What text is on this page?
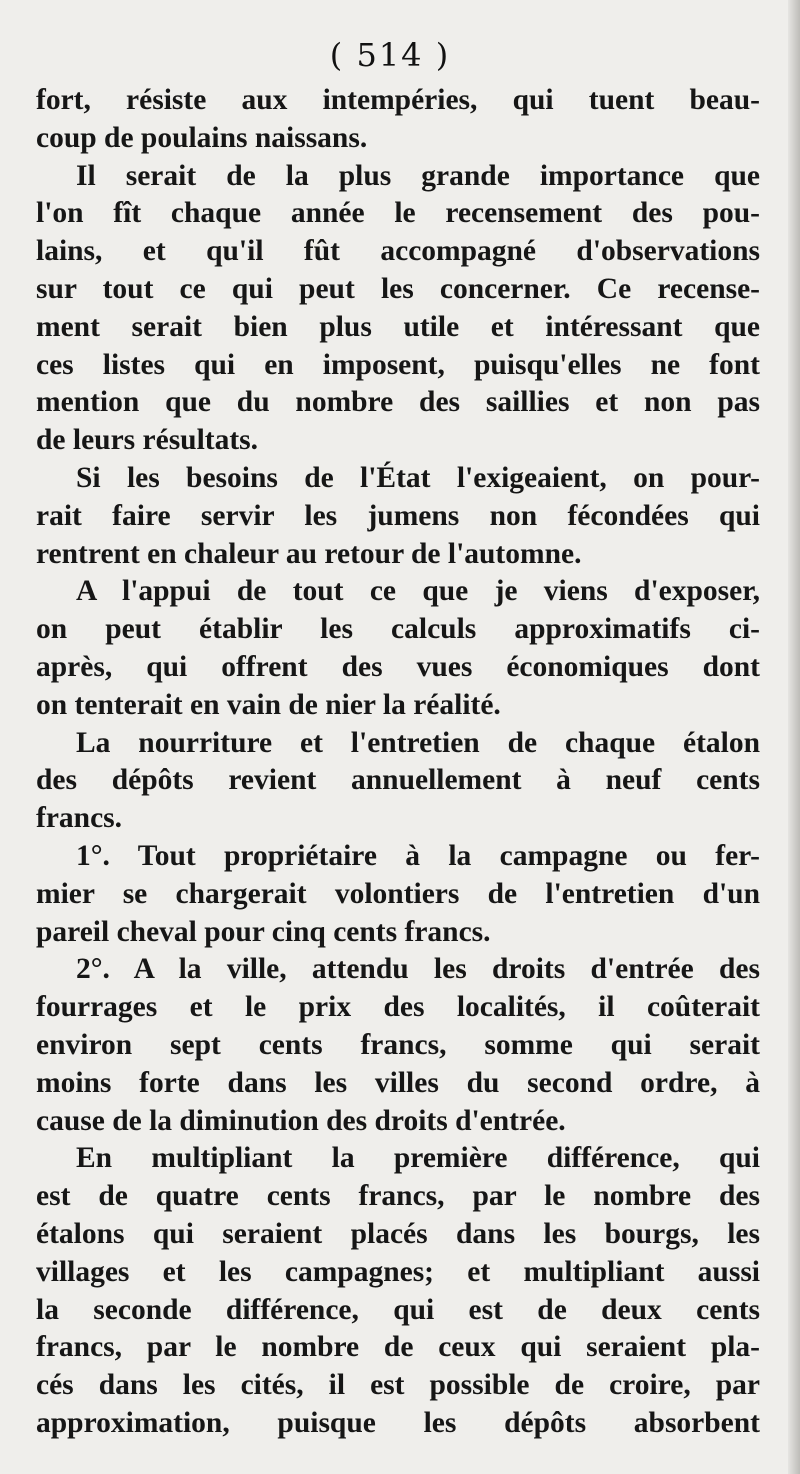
( 514 )
fort, résiste aux intempéries, qui tuent beau-
coup de poulains naissans.
Il serait de la plus grande importance que
l'on fît chaque année le recensement des pou-
lains, et qu'il fût accompagné d'observations
sur tout ce qui peut les concerner. Ce recense-
ment serait bien plus utile et intéressant que
ces listes qui en imposent, puisqu'elles ne font
mention que du nombre des saillies et non pas
de leurs résultats.
Si les besoins de l'État l'exigeaient, on pour-
rait faire servir les jumens non fécondées qui
rentrent en chaleur au retour de l'automne.
A l'appui de tout ce que je viens d'exposer,
on peut établir les calculs approximatifs ci-
après, qui offrent des vues économiques dont
on tenterait en vain de nier la réalité.
La nourriture et l'entretien de chaque étalon
des dépôts revient annuellement à neuf cents
francs.
1°. Tout propriétaire à la campagne ou fer-
mier se chargerait volontiers de l'entretien d'un
pareil cheval pour cinq cents francs.
2°. A la ville, attendu les droits d'entrée des
fourrages et le prix des localités, il coûterait
environ sept cents francs, somme qui serait
moins forte dans les villes du second ordre, à
cause de la diminution des droits d'entrée.
En multipliant la première différence, qui
est de quatre cents francs, par le nombre des
étalons qui seraient placés dans les bourgs, les
villages et les campagnes; et multipliant aussi
la seconde différence, qui est de deux cents
francs, par le nombre de ceux qui seraient pla-
cés dans les cités, il est possible de croire, par
approximation, puisque les dépôts absorbent
